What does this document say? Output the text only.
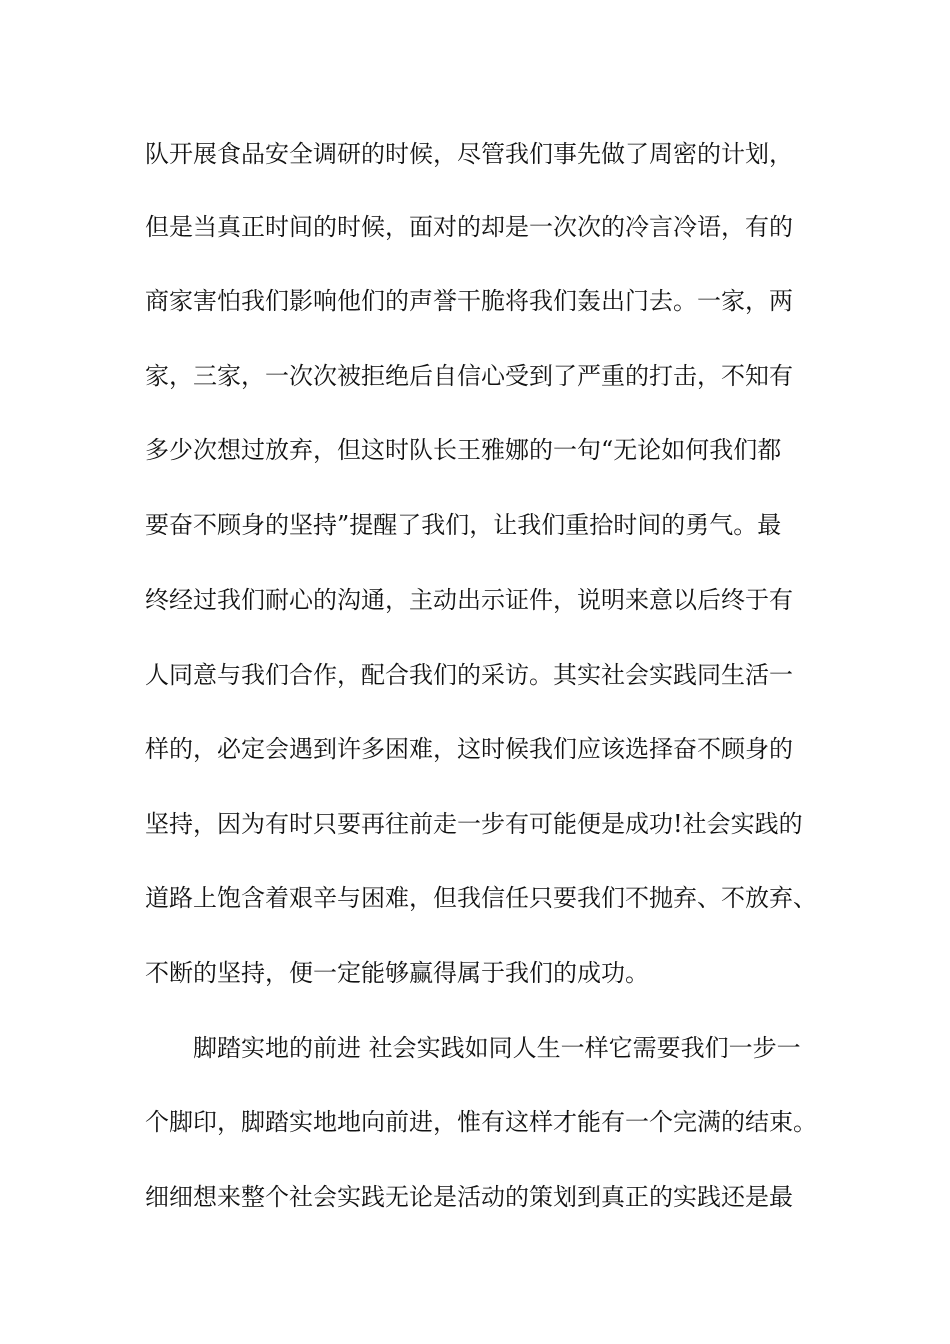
队开展食品安全调研的时候，尽管我们事先做了周密的计划，
但是当真正时间的时候，面对的却是一次次的冷言冷语，有的
商家害怕我们影响他们的声誉干脆将我们轰出门去。一家，两
家，三家，一次次被拒绝后自信心受到了严重的打击，不知有
多少次想过放弃，但这时队长王雅娜的一句“无论如何我们都
要奋不顾身的坚持”提醒了我们，让我们重拾时间的勇气。最
终经过我们耐心的沟通，主动出示证件，说明来意以后终于有
人同意与我们合作，配合我们的采访。其实社会实践同生活一
样的，必定会遇到许多困难，这时候我们应该选择奋不顾身的
坚持，因为有时只要再往前走一步有可能便是成功!社会实践的
道路上饱含着艰辛与困难，但我信任只要我们不抛弃、不放弃、
不断的坚持，便一定能够赢得属于我们的成功。
脚踏实地的前进 社会实践如同人生一样它需要我们一步一
个脚印，脚踏实地地向前进，惟有这样才能有一个完满的结束。
细细想来整个社会实践无论是活动的策划到真正的实践还是最
